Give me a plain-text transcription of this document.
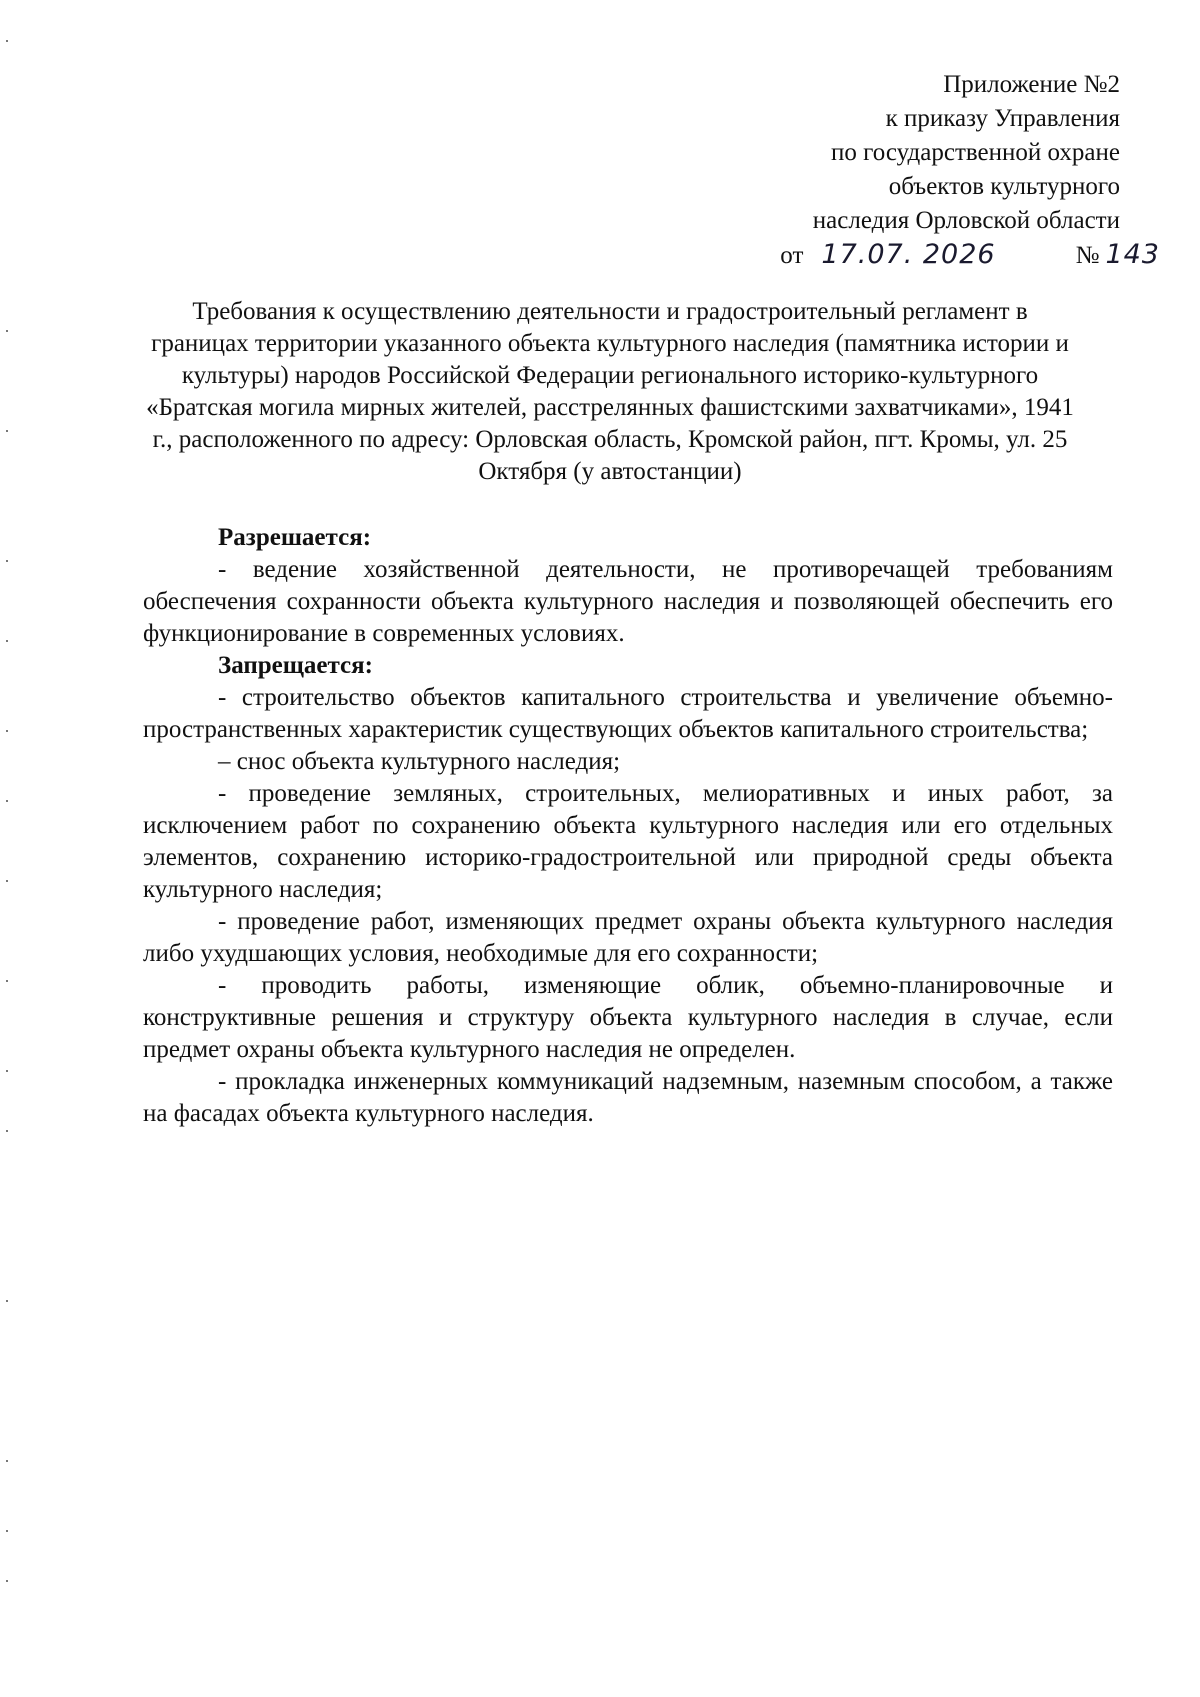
Приложение №2
к приказу Управления
по государственной охране
объектов культурного
наследия Орловской области
от 17.07. 2026	№ 143
Требования к осуществлению деятельности и градостроительный регламент в границах территории указанного объекта культурного наследия (памятника истории и культуры) народов Российской Федерации регионального историко-культурного «Братская могила мирных жителей, расстрелянных фашистскими захватчиками», 1941 г., расположенного по адресу: Орловская область, Кромской район, пгт. Кромы, ул. 25 Октября (у автостанции)

Разрешается:

- ведение хозяйственной деятельности, не противоречащей требованиям обеспечения сохранности объекта культурного наследия и позволяющей обеспечить его функционирование в современных условиях.

Запрещается:

- строительство объектов капитального строительства и увеличение объемно-пространственных характеристик существующих объектов капитального строительства;

– снос объекта культурного наследия;

- проведение земляных, строительных, мелиоративных и иных работ, за исключением работ по сохранению объекта культурного наследия или его отдельных элементов, сохранению историко-градостроительной или природной среды объекта культурного наследия;

- проведение работ, изменяющих предмет охраны объекта культурного наследия либо ухудшающих условия, необходимые для его сохранности;

- проводить работы, изменяющие облик, объемно-планировочные и конструктивные решения и структуру объекта культурного наследия в случае, если предмет охраны объекта культурного наследия не определен.

- прокладка инженерных коммуникаций надземным, наземным способом, а также на фасадах объекта культурного наследия.
